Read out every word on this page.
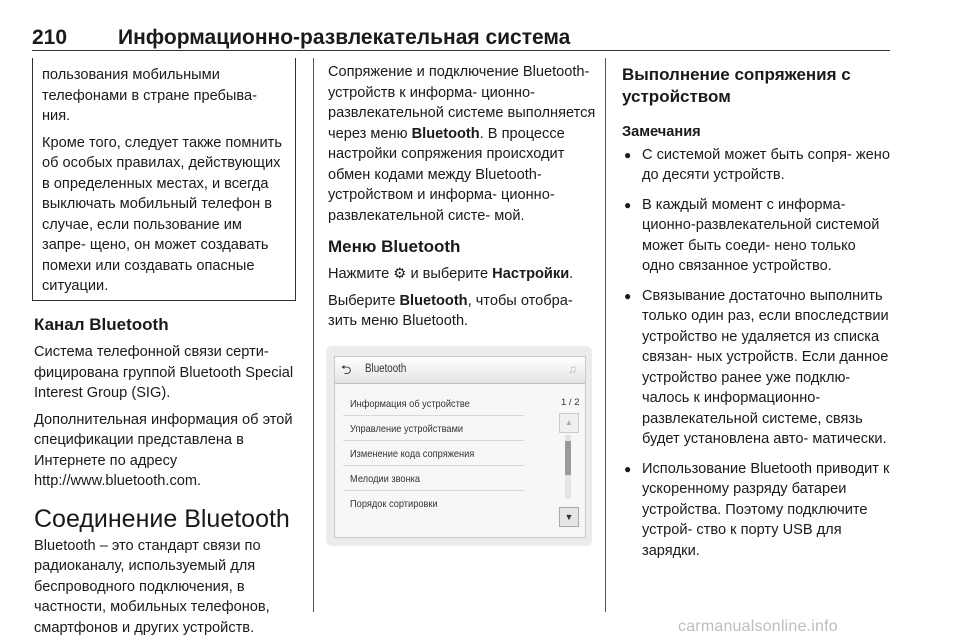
210 Информационно-развлекательная система

пользования мобильными телефонами в стране пребыва- ния.

Кроме того, следует также помнить об особых правилах, действующих в определенных местах, и всегда выключать мобильный телефон в случае, если пользование им запре- щено, он может создавать помехи или создавать опасные ситуации.

Канал Bluetooth

Система телефонной связи серти- фицирована группой Bluetooth Special Interest Group (SIG).

Дополнительная информация об этой спецификации представлена в Интернете по адресу

http://www.bluetooth.com.

Соединение Bluetooth

Bluetooth – это стандарт связи по радиоканалу, используемый для беспроводного подключения, в частности, мобильных телефонов, смартфонов и других устройств.

Сопряжение и подключение Bluetooth-устройств к информа- ционно-развлекательной системе выполняется через меню Bluetooth. В процессе настройки сопряжения происходит обмен кодами между Bluetooth-устройством и информа- ционно-развлекательной систе- мой.

Меню Bluetooth

Нажмите ⚙ и выберите Настройки.

Выберите Bluetooth, чтобы отобра- зить меню Bluetooth.

⮌ Bluetooth	♫
Информация об устройстве
Управление устройствами
Изменение кода сопряжения
Мелодии звонка
Порядок сортировки
1 / 2
▲
▼
Выполнение сопряжения с устройством
Замечания
● С системой может быть сопря- жено до десяти устройств.
● В каждый момент с информа- ционно-развлекательной системой может быть соеди- нено только одно связанное устройство.
● Связывание достаточно выполнить только один раз, если впоследствии устройство не удаляется из списка связан- ных устройств. Если данное устройство ранее уже подклю- чалось к информационно- развлекательной системе, связь будет установлена авто- матически.
● Использование Bluetooth приводит к ускоренному разряду батареи устройства. Поэтому подключите устрой- ство к порту USB для зарядки.
carmanualsonline.info
